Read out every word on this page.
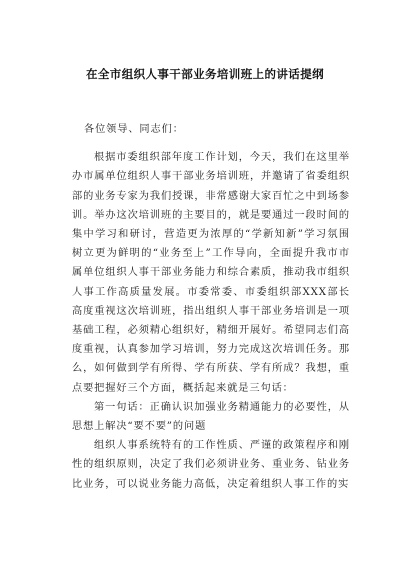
在全市组织人事干部业务培训班上的讲话提纲

各位领导、同志们：

根据市委组织部年度工作计划，今天，我们在这里举办市属单位组织人事干部业务培训班，并邀请了省委组织部的业务专家为我们授课，非常感谢大家百忙之中到场参训。举办这次培训班的主要目的，就是要通过一段时间的集中学习和研讨，营造更为浓厚的“学新知新”学习氛围树立更为鲜明的“业务至上”工作导向，全面提升我市市属单位组织人事干部业务能力和综合素质，推动我市组织人事工作高质量发展。市委常委、市委组织部XXX部长高度重视这次培训班，指出组织人事干部业务培训是一项基础工程，必须精心组织好，精细开展好。希望同志们高度重视，认真参加学习培训，努力完成这次培训任务。那么，如何做到学有所得、学有所获、学有所成？我想，重点要把握好三个方面，概括起来就是三句话：

第一句话：正确认识加强业务精通能力的必要性，从思想上解决“要不要”的问题

组织人事系统特有的工作性质、严谨的政策程序和刚性的组织原则，决定了我们必须讲业务、重业务、钻业务比业务，可以说业务能力高低，决定着组织人事工作的实
